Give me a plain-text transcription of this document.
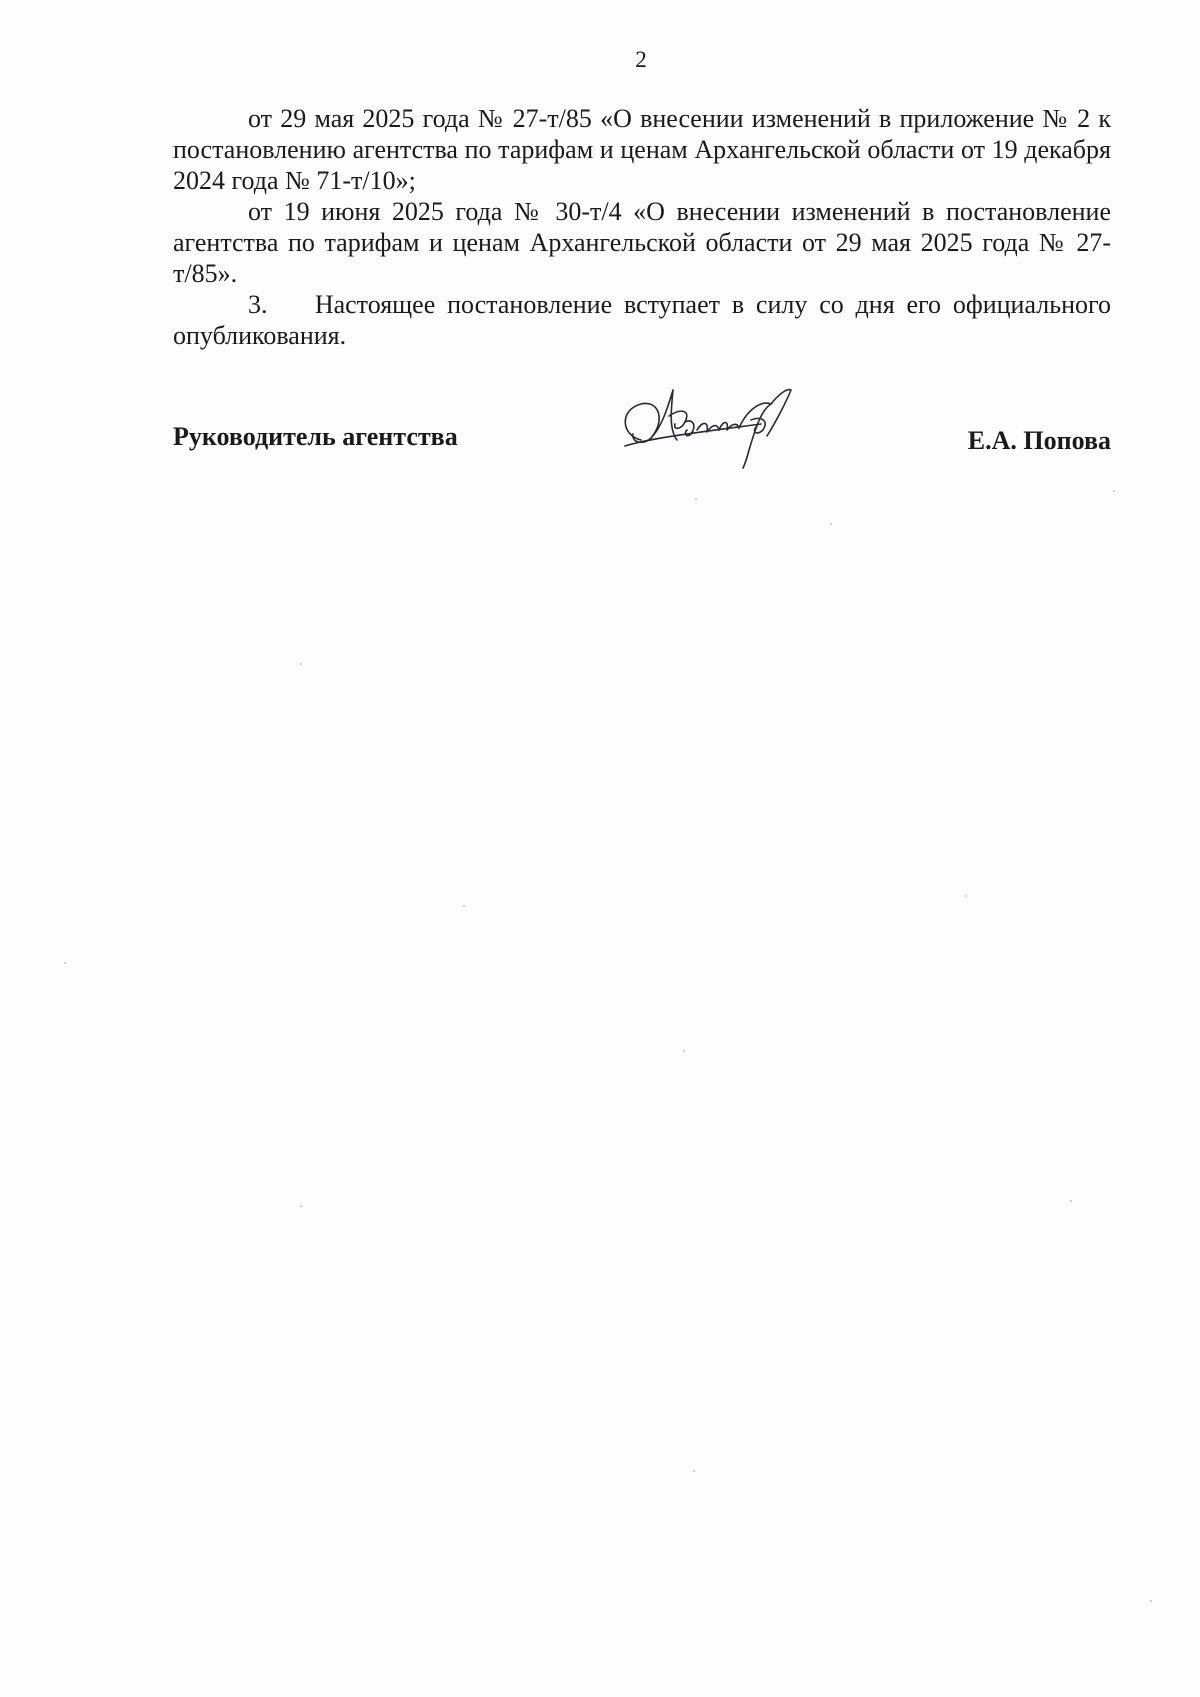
2

от 29 мая 2025 года № 27-т/85 «О внесении изменений в приложение № 2 к постановлению агентства по тарифам и ценам Архангельской области от 19 декабря 2024 года № 71-т/10»;

от 19 июня 2025 года № 30-т/4 «О внесении изменений в постановление агентства по тарифам и ценам Архангельской области от 29 мая 2025 года № 27-т/85».

3.    Настоящее постановление вступает в силу со дня его официального опубликования.

Руководитель агентства	Е.А. Попова
